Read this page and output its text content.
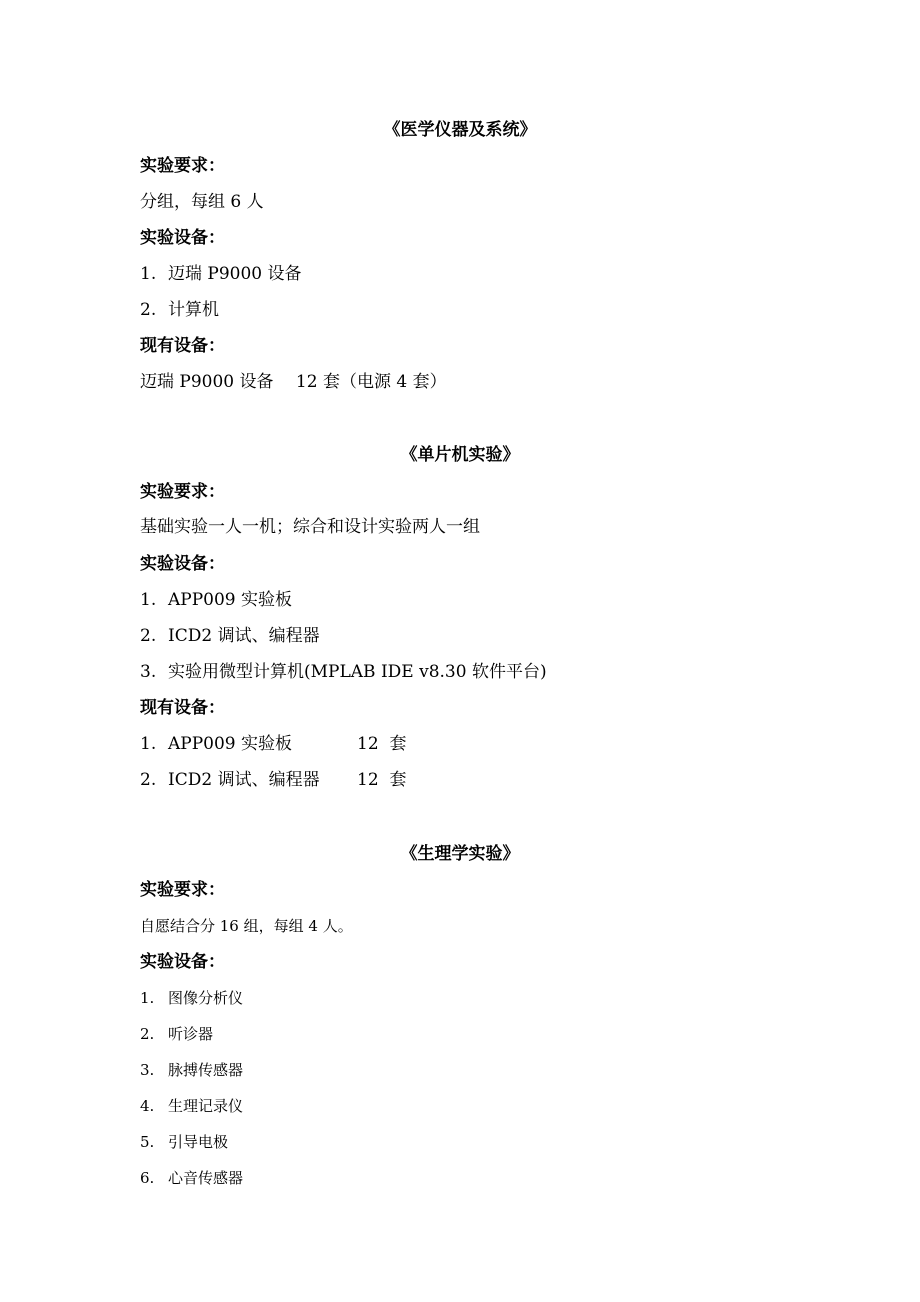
《医学仪器及系统》
实验要求：
分组，每组 6 人
实验设备：
1. 迈瑞 P9000 设备
2. 计算机
现有设备：
迈瑞 P9000 设备　 12 套（电源 4 套）
《单片机实验》
实验要求：
基础实验一人一机；综合和设计实验两人一组
实验设备：
1. APP009 实验板
2. ICD2 调试、编程器
3. 实验用微型计算机(MPLAB IDE v8.30 软件平台)
现有设备：
1. APP009 实验板	12  套
2. ICD2 调试、编程器 12  套
《生理学实验》
实验要求：
自愿结合分 16 组，每组 4 人。
实验设备：
1. 图像分析仪
2. 听诊器
3. 脉搏传感器
4. 生理记录仪
5. 引导电极
6. 心音传感器
